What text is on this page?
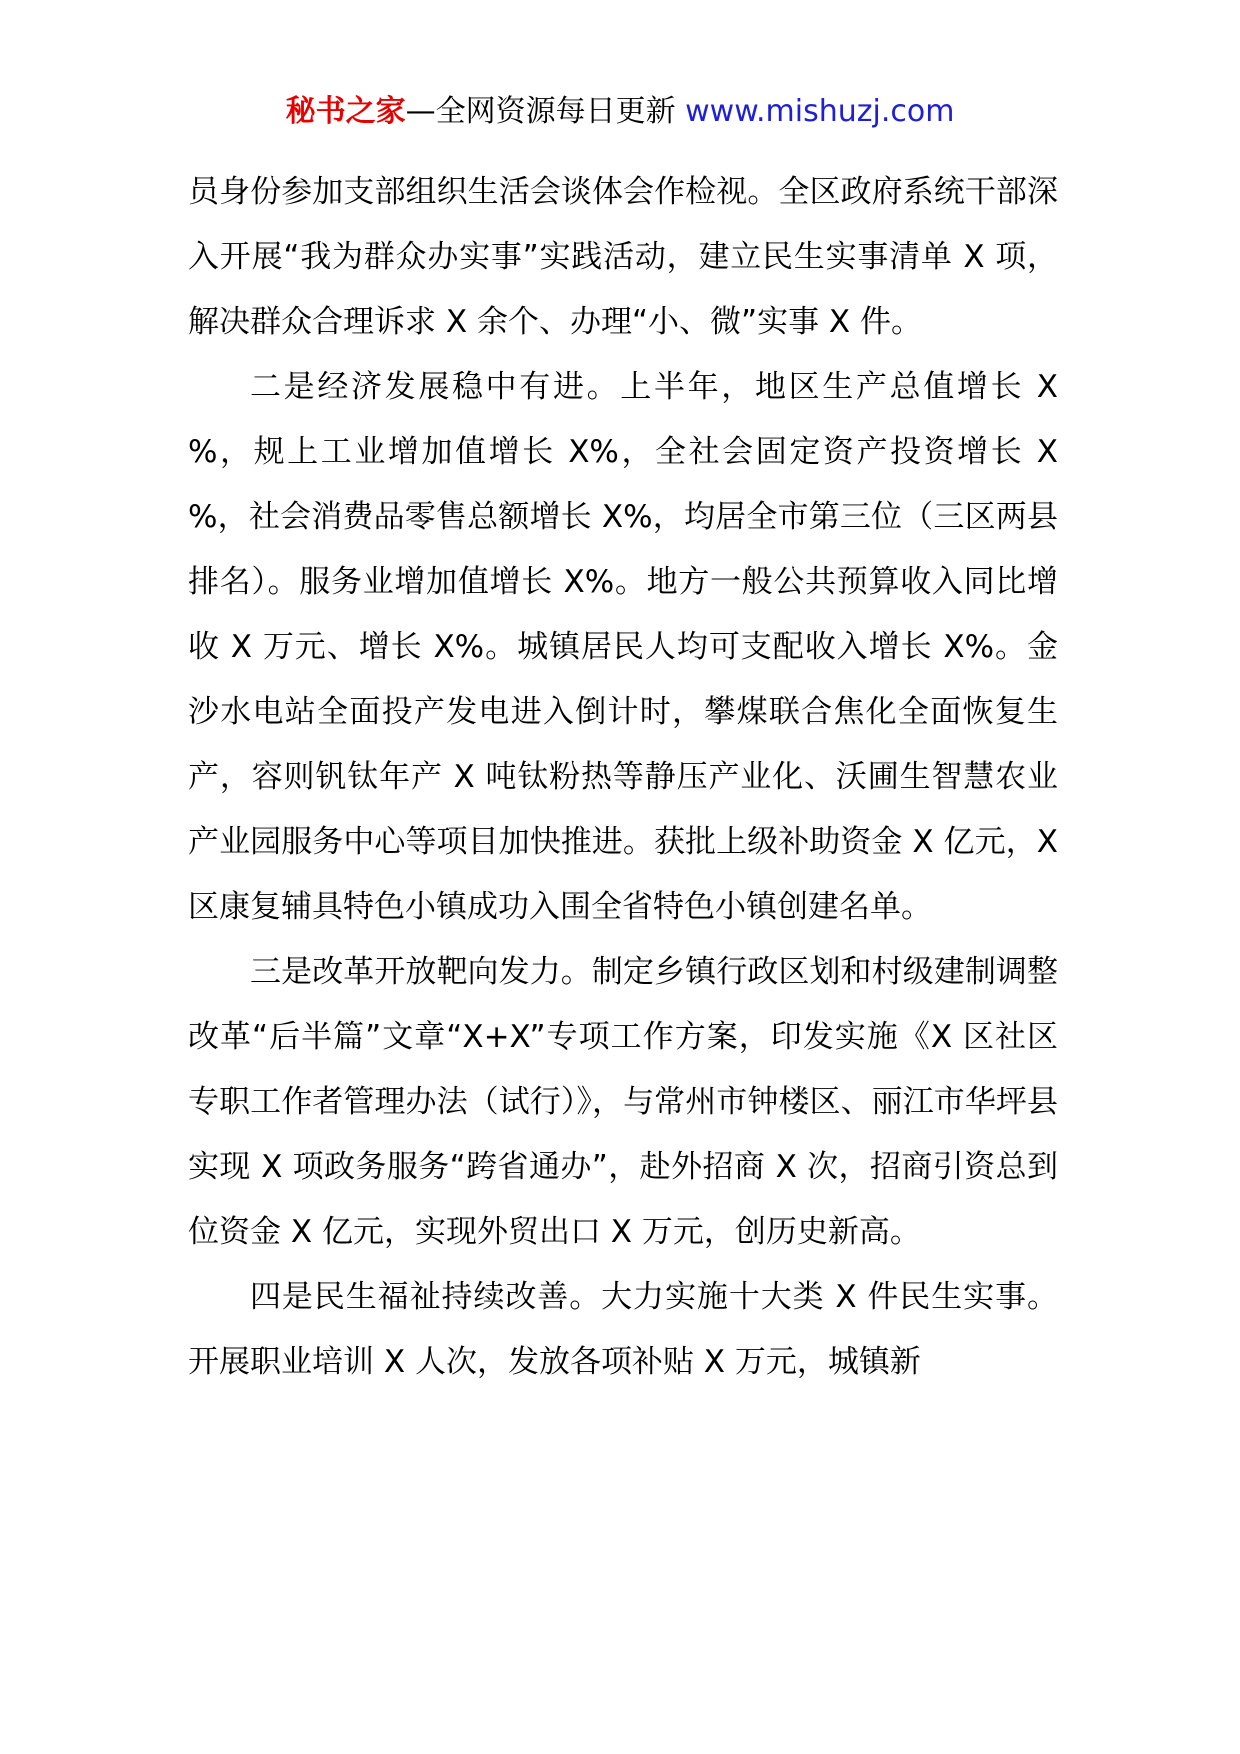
秘书之家—全网资源每日更新 www.mishuzj.com

员身份参加支部组织生活会谈体会作检视。全区政府系统干部深入开展“我为群众办实事”实践活动，建立民生实事清单 X 项，解决群众合理诉求 X 余个、办理“小、微”实事 X 件。

二是经济发展稳中有进。上半年，地区生产总值增长 X %，规上工业增加值增长 X%，全社会固定资产投资增长 X %，社会消费品零售总额增长 X%，均居全市第三位（三区两县排名）。服务业增加值增长 X%。地方一般公共预算收入同比增收 X 万元、增长 X%。城镇居民人均可支配收入增长 X%。金沙水电站全面投产发电进入倒计时，攀煤联合焦化全面恢复生产，容则钒钛年产 X 吨钛粉热等静压产业化、沃圃生智慧农业产业园服务中心等项目加快推进。获批上级补助资金 X 亿元，X 区康复辅具特色小镇成功入围全省特色小镇创建名单。

三是改革开放靶向发力。制定乡镇行政区划和村级建制调整改革“后半篇”文章“X+X”专项工作方案，印发实施《X 区社区专职工作者管理办法（试行）》，与常州市钟楼区、丽江市华坪县实现 X 项政务服务“跨省通办”，赴外招商 X 次，招商引资总到位资金 X 亿元，实现外贸出口 X 万元，创历史新高。

四是民生福祉持续改善。大力实施十大类 X 件民生实事。开展职业培训 X 人次，发放各项补贴 X 万元，城镇新
